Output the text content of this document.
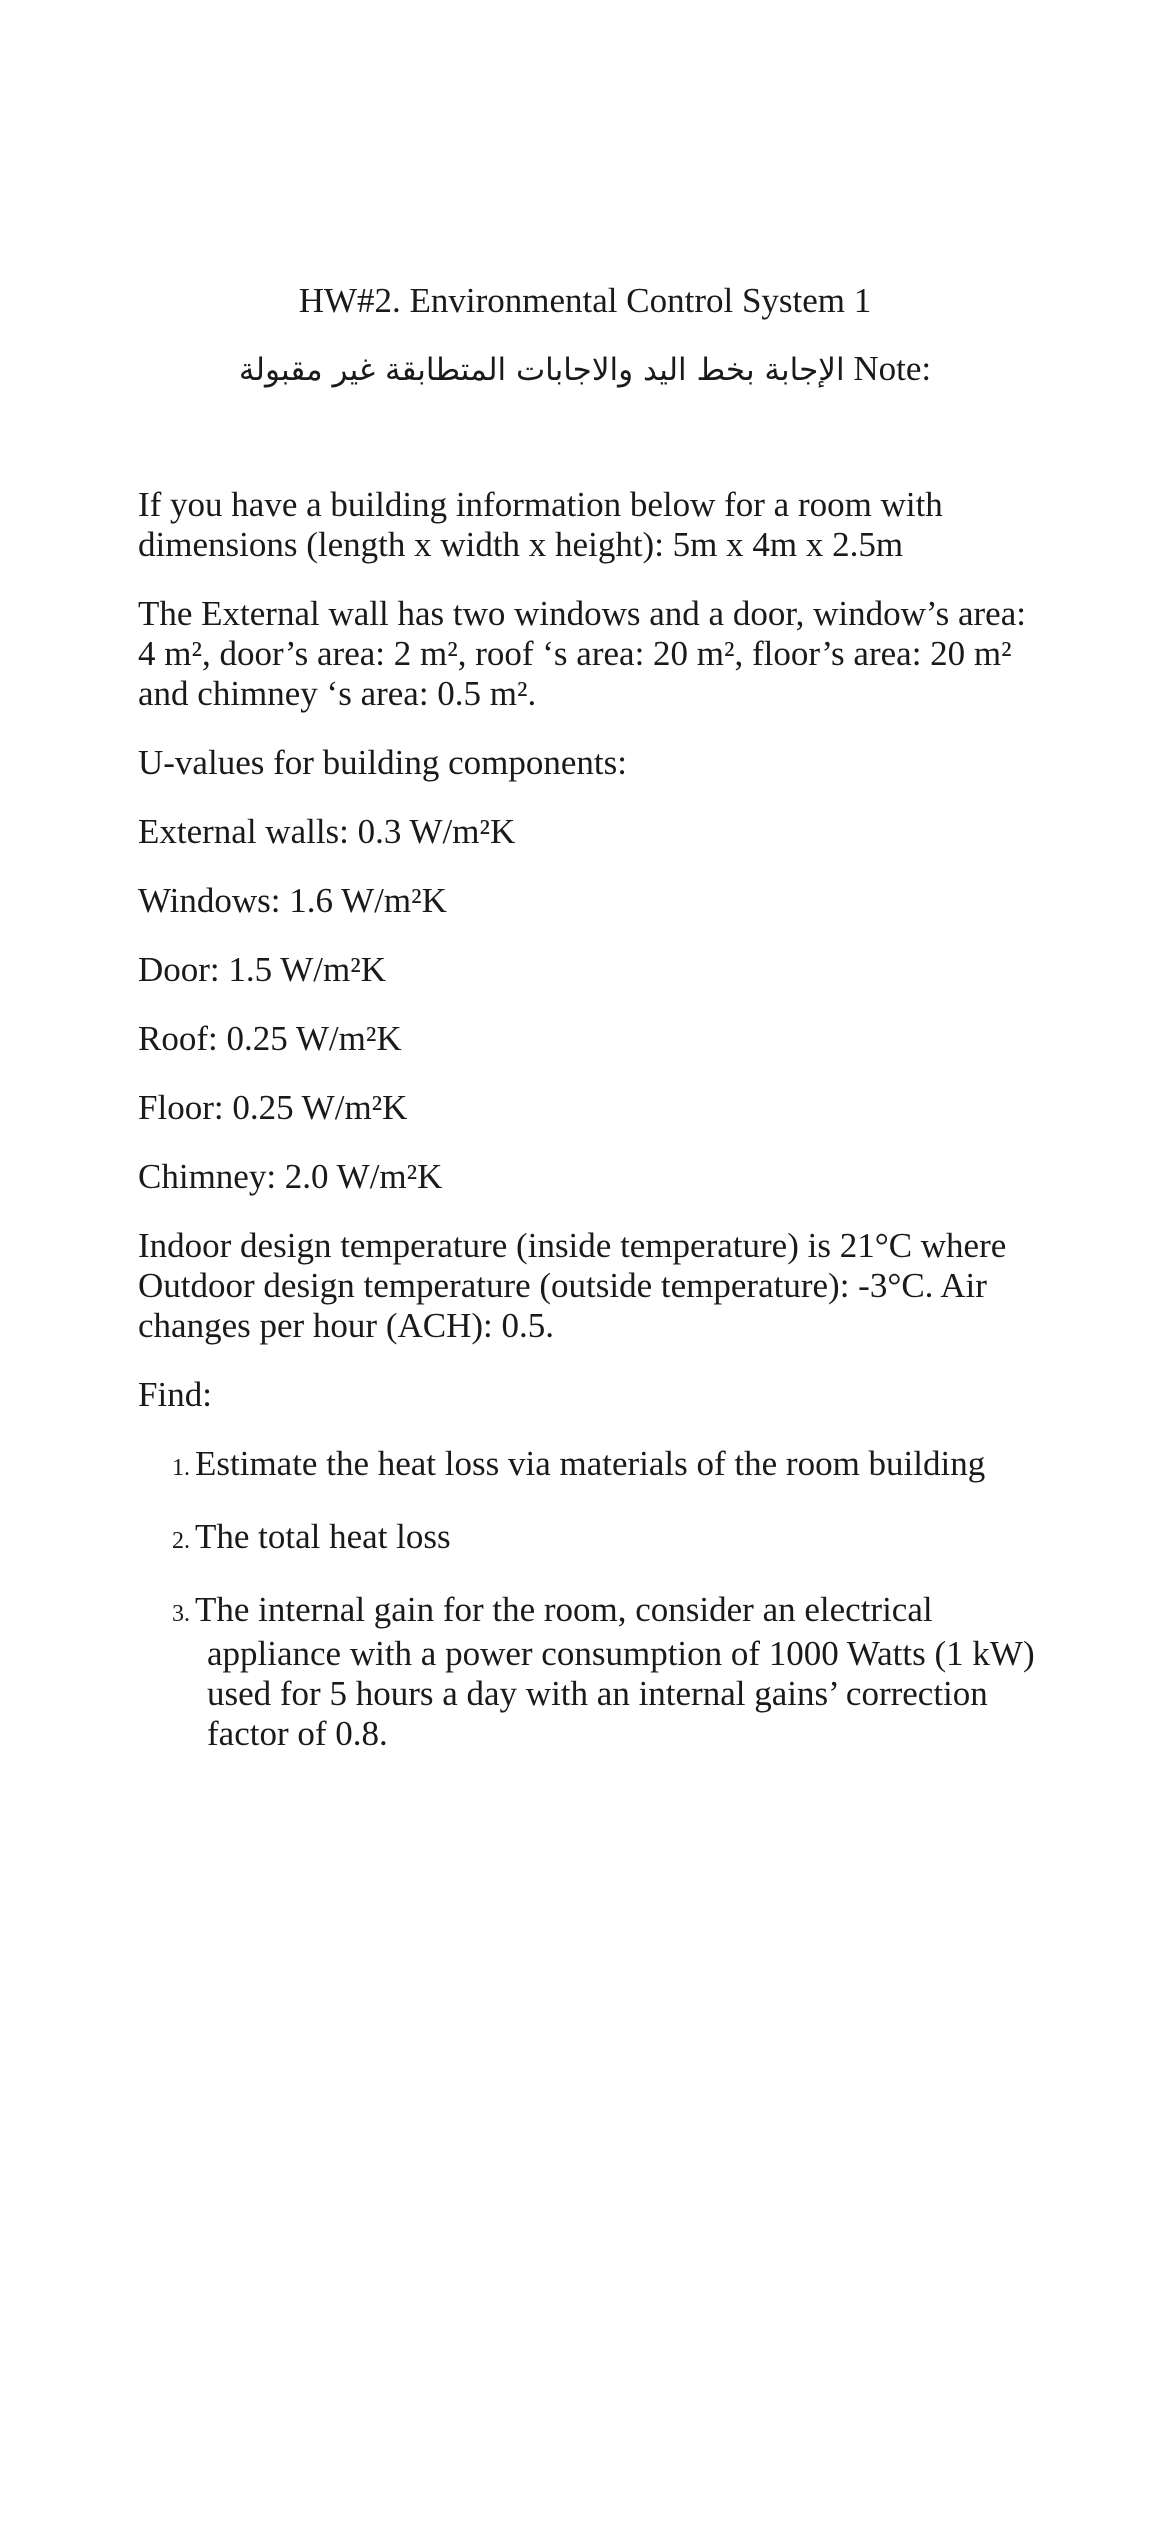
HW#2. Environmental Control System 1
الإجابة بخط اليد والاجابات المتطابقة غير مقبولة Note:

If you have a building information below for a room with dimensions (length x width x height): 5m x 4m x 2.5m

The External wall has two windows and a door, window’s area: 4 m², door’s area: 2 m², roof ‘s area: 20 m², floor’s area: 20 m² and chimney ‘s area: 0.5 m².

U-values for building components:

External walls: 0.3 W/m²K

Windows: 1.6 W/m²K

Door: 1.5 W/m²K

Roof: 0.25 W/m²K

Floor: 0.25 W/m²K

Chimney: 2.0 W/m²K

Indoor design temperature (inside temperature) is 21°C where Outdoor design temperature (outside temperature): -3°C. Air changes per hour (ACH): 0.5.

Find:

1. Estimate the heat loss via materials of the room building
2. The total heat loss
3. The internal gain for the room, consider an electrical appliance with a power consumption of 1000 Watts (1 kW) used for 5 hours a day with an internal gains’ correction factor of 0.8.
